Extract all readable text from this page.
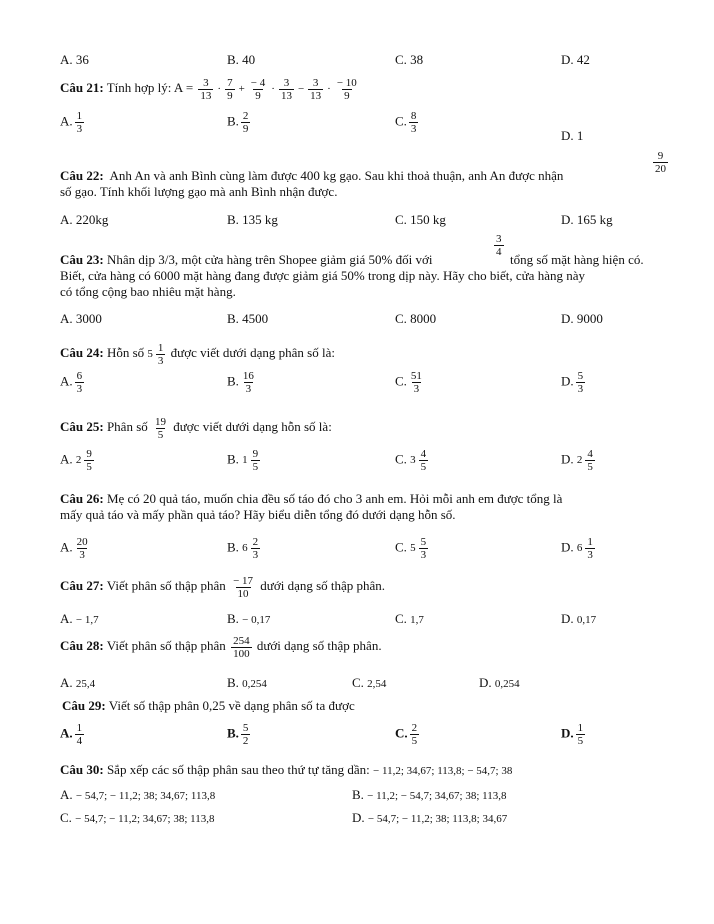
A. 36	B. 40	C. 38	D. 42
Câu 21: Tính hợp lý: $A = \frac{3}{13} \cdot \frac{7}{9} + \frac{- 4}{9} \cdot \frac{3}{13} - \frac{3}{13} \cdot \frac{- 10}{9}$
A. $\frac{1}{3}$	B. $\frac{2}{9}$	C. $\frac{8}{3}$
D. 1
Câu 22: Anh An và anh Bình cùng làm được 400 kg gạo. Sau khi thoả thuận, anh An được nhận
$\frac{9}{20}$
số gạo. Tính khối lượng gạo mà anh Bình nhận được.
A. 220kg	B. 135 kg	C. 150 kg	D. 165 kg
Câu 23: Nhân dịp 3/3, một cửa hàng trên Shopee giảm giá 50% đối với
$\frac{3}{4}$
tổng số mặt hàng hiện có.
Biết, cửa hàng có 6000 mặt hàng đang được giảm giá 50% trong dịp này. Hãy cho biết, cửa hàng này
có tổng cộng bao nhiêu mặt hàng.
A. 3000	B. 4500	C. 8000	D. 9000
Câu 24: Hỗn số 5
1
3
được viết dưới dạng phân số là:
A. $\frac{6}{3}$	B. $\frac{16}{3}$	C. $\frac{51}{3}$	D. $\frac{5}{3}$
Câu 25: Phân số $\frac{19}{5}$ được viết dưới dạng hỗn số là:
A. 2 9
5
B. 1 9
5
C. 3 4
5
D. 2 4
5
Câu 26: Mẹ có 20 quả táo, muốn chia đều số táo đó cho 3 anh em. Hỏi mỗi anh em được tổng là
mấy quả táo và mấy phần quả táo? Hãy biểu diễn tổng đó dưới dạng hỗn số.
A. $\frac{20}{3}$	B. 6 2
3
C. 5 5
3
D. 6 1
3
Câu 27: Viết phân số thập phân $\frac{- 17}{10}$ dưới dạng số thập phân.
A. − 1,7	B. − 0,17	C. 1,7	D. 0,17
Câu 28: Viết phân số thập phân $\frac{254}{100}$ dưới dạng số thập phân.
A. 25,4	B. 0,254	C. 2,54	D. 0,254
Câu 29: Viết số thập phân 0,25 về dạng phân số ta được
A. $\frac{1}{4}$	B. $\frac{5}{2}$	C. $\frac{2}{5}$	D. $\frac{1}{5}$
Câu 30: Sắp xếp các số thập phân sau theo thứ tự tăng dần: − 11,2; 34,67; 113,8; − 54,7; 38
A. − 54,7; − 11,2; 38; 34,67; 113,8	B. − 11,2; − 54,7; 34,67; 38; 113,8
C. − 54,7; − 11,2; 34,67; 38; 113,8	D. − 54,7; − 11,2; 38; 113,8; 34,67
